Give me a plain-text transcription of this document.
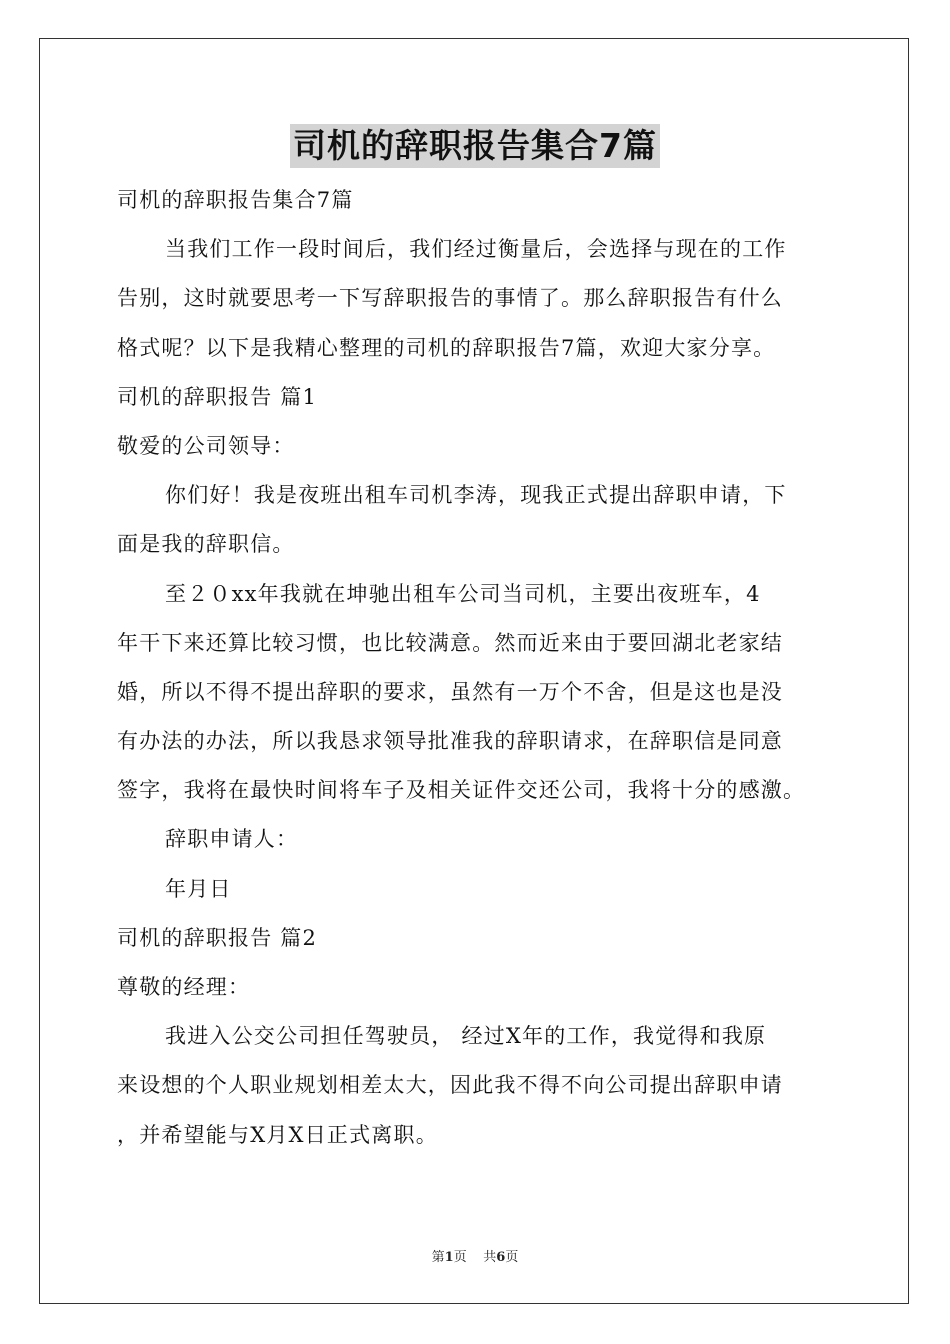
司机的辞职报告集合7篇
司机的辞职报告集合7篇
当我们工作一段时间后，我们经过衡量后，会选择与现在的工作
告别，这时就要思考一下写辞职报告的事情了。那么辞职报告有什么
格式呢？以下是我精心整理的司机的辞职报告7篇，欢迎大家分享。
司机的辞职报告 篇1
敬爱的公司领导：
你们好！我是夜班出租车司机李涛，现我正式提出辞职申请，下
面是我的辞职信。
至２０xx年我就在坤驰出租车公司当司机，主要出夜班车，4
年干下来还算比较习惯，也比较满意。然而近来由于要回湖北老家结
婚，所以不得不提出辞职的要求，虽然有一万个不舍，但是这也是没
有办法的办法，所以我恳求领导批准我的辞职请求，在辞职信是同意
签字，我将在最快时间将车子及相关证件交还公司，我将十分的感激。
辞职申请人：
年月日
司机的辞职报告 篇2
尊敬的经理：
我进入公交公司担任驾驶员， 经过X年的工作，我觉得和我原
来设想的个人职业规划相差太大，因此我不得不向公司提出辞职申请
，并希望能与X月X日正式离职。
第1页 共6页
